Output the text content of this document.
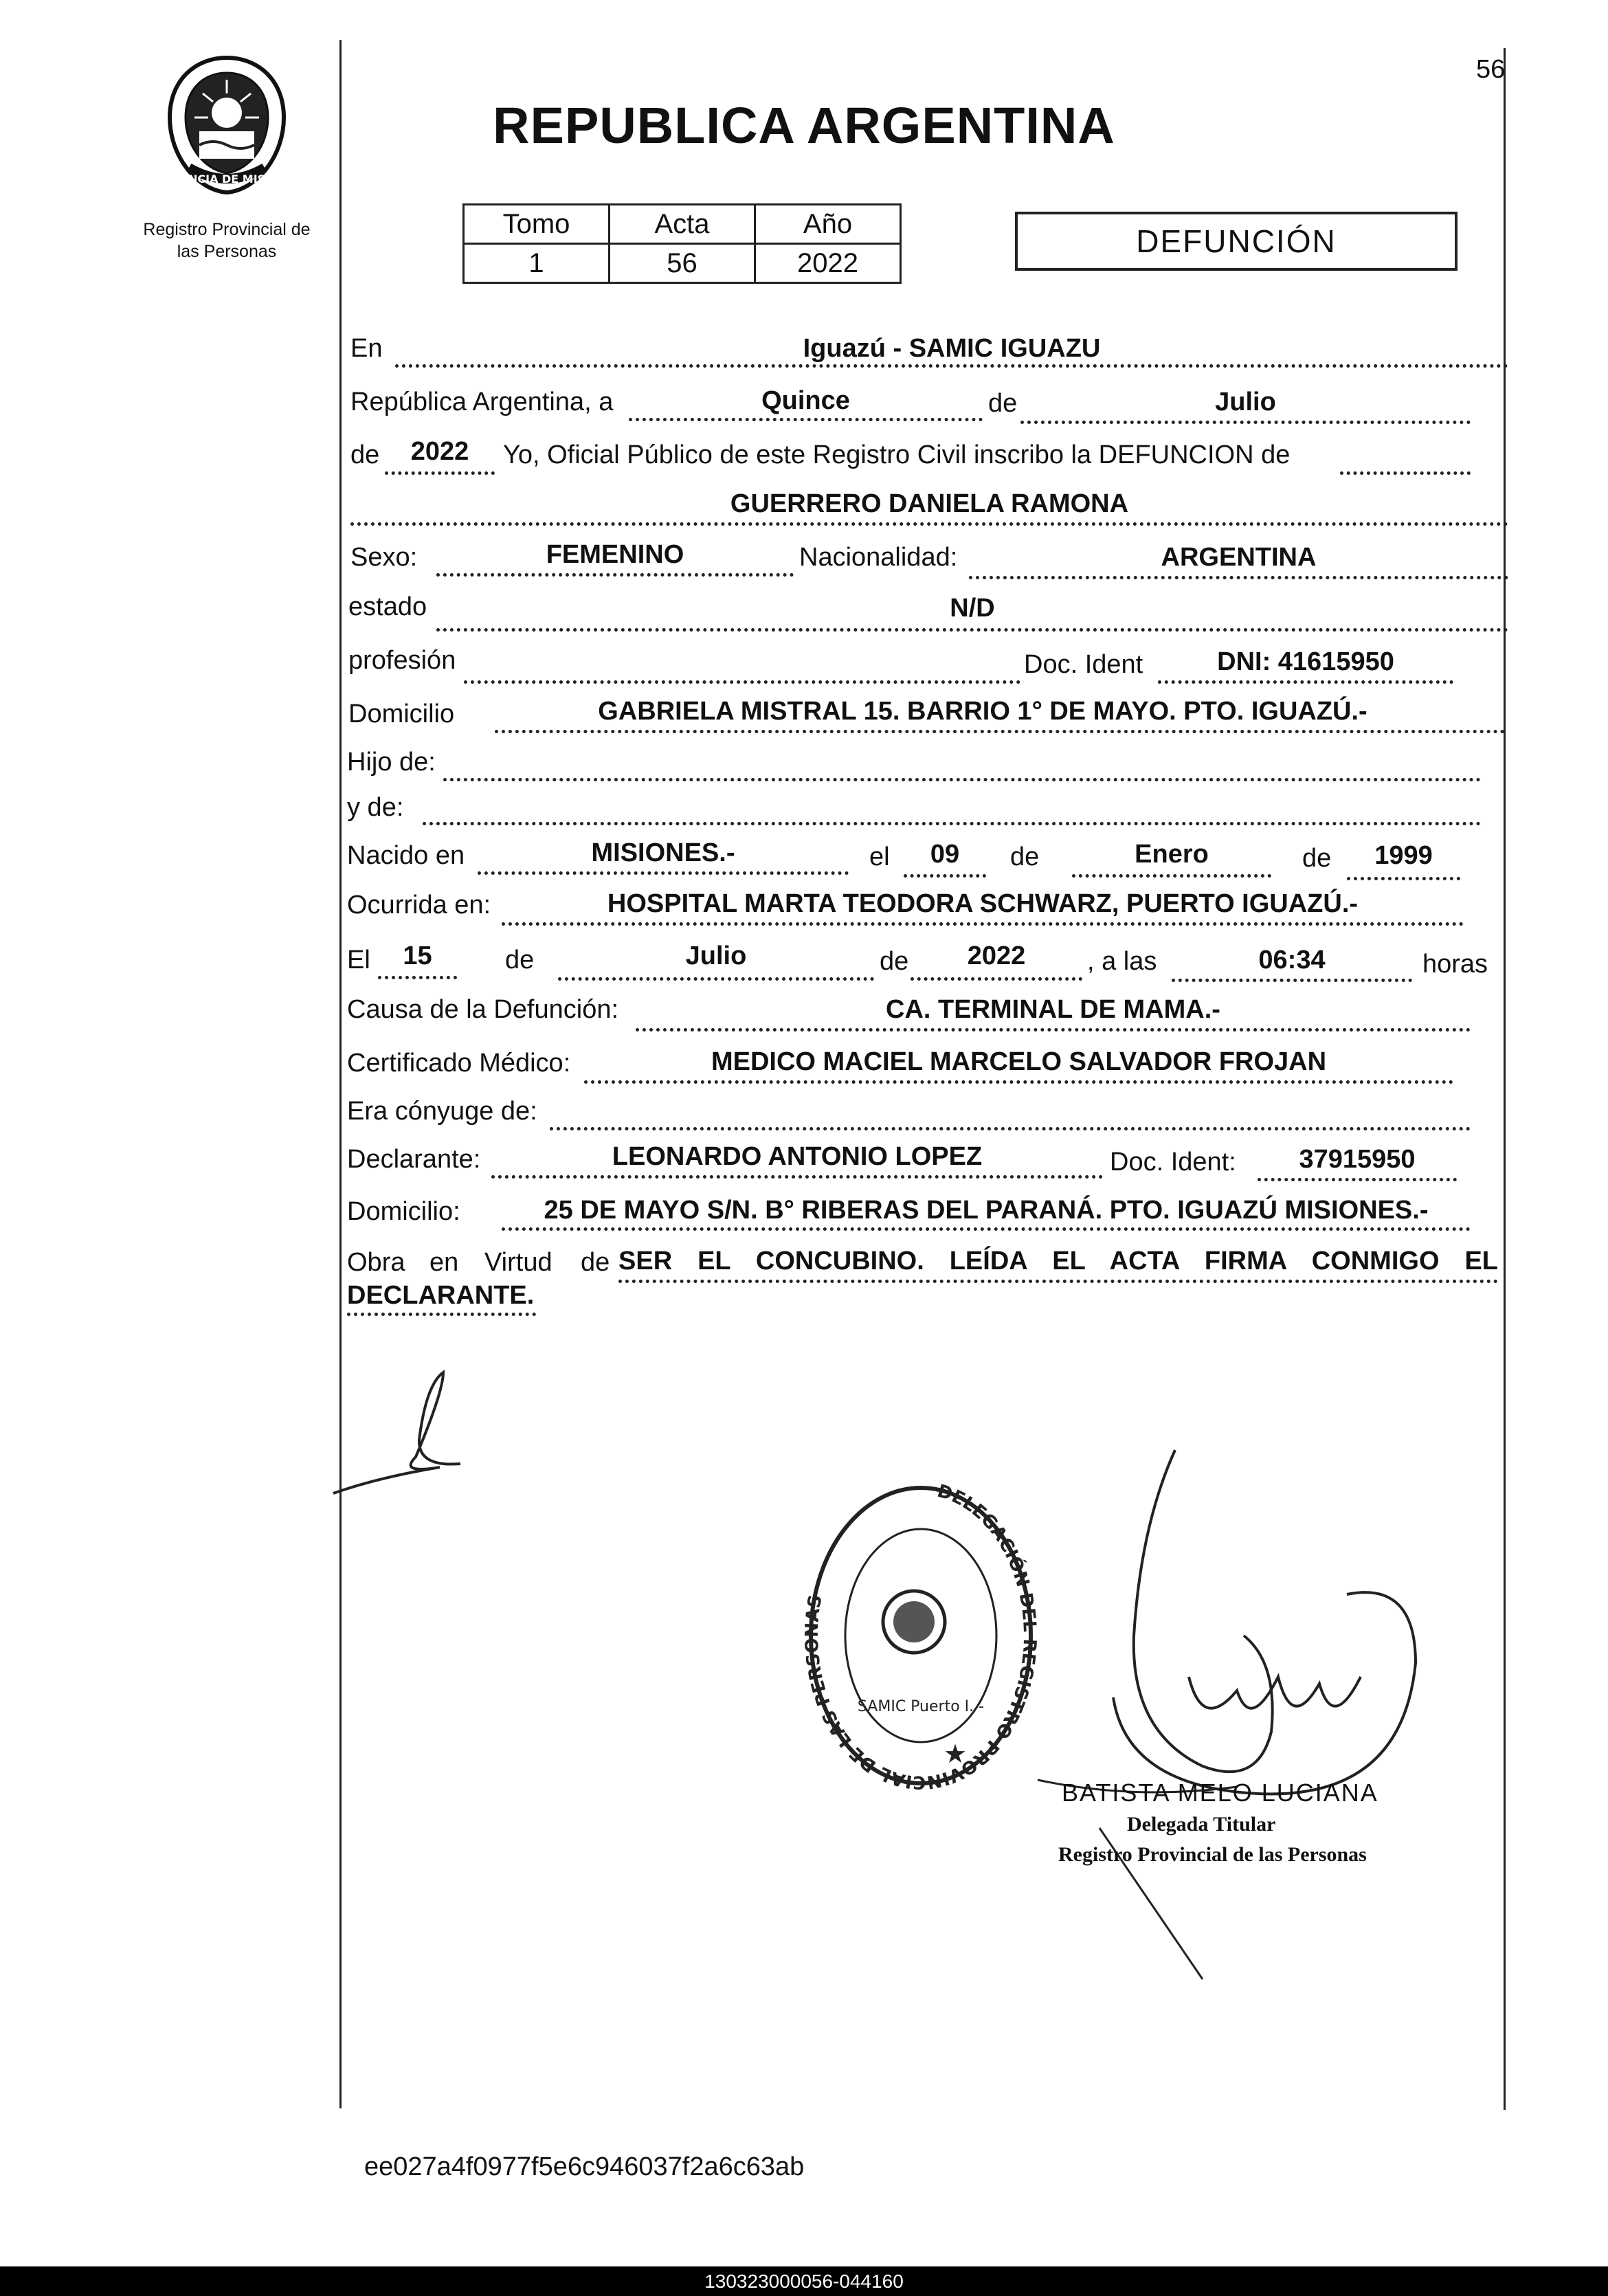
56
PROVINCIA DE MISIONES
Registro Provincial de
las Personas
REPUBLICA ARGENTINA
Tomo	Acta	Año
1	56	2022
DEFUNCIÓN
En	Iguazú - SAMIC IGUAZU
República Argentina, a	Quince	de	Julio
de	2022	Yo, Oficial Público de este Registro Civil inscribo la DEFUNCION de
GUERRERO DANIELA RAMONA
Sexo:	FEMENINO	Nacionalidad:	ARGENTINA
estado	N/D
profesión	Doc. Ident	DNI: 41615950
Domicilio	GABRIELA MISTRAL 15. BARRIO 1° DE MAYO. PTO. IGUAZÚ.-
Hijo de:
y de:
Nacido en	MISIONES.-	el	09	de	Enero	de	1999
Ocurrida en:	HOSPITAL MARTA TEODORA SCHWARZ, PUERTO IGUAZÚ.-
El	15	de	Julio	de	2022	, a las	06:34	horas
Causa de la Defunción:	CA. TERMINAL DE MAMA.-
Certificado Médico:	MEDICO MACIEL MARCELO SALVADOR FROJAN
Era cónyuge de:
Declarante:	LEONARDO ANTONIO LOPEZ	Doc. Ident:	37915950
Domicilio:	25 DE MAYO S/N. B° RIBERAS DEL PARANÁ. PTO. IGUAZÚ MISIONES.-
Obra en Virtud de SER EL CONCUBINO. LEÍDA EL ACTA FIRMA CONMIGO EL
DECLARANTE.
DELEGACIÓN DEL REGISTRO PROVINCIAL DE LAS PERS AS
SAMIC Puerto I. -
★
BATISTA MELO LUCIANA
Delegada Titular
Registro Provincial de las Personas
ee027a4f0977f5e6c946037f2a6c63ab
130323000056-044160
